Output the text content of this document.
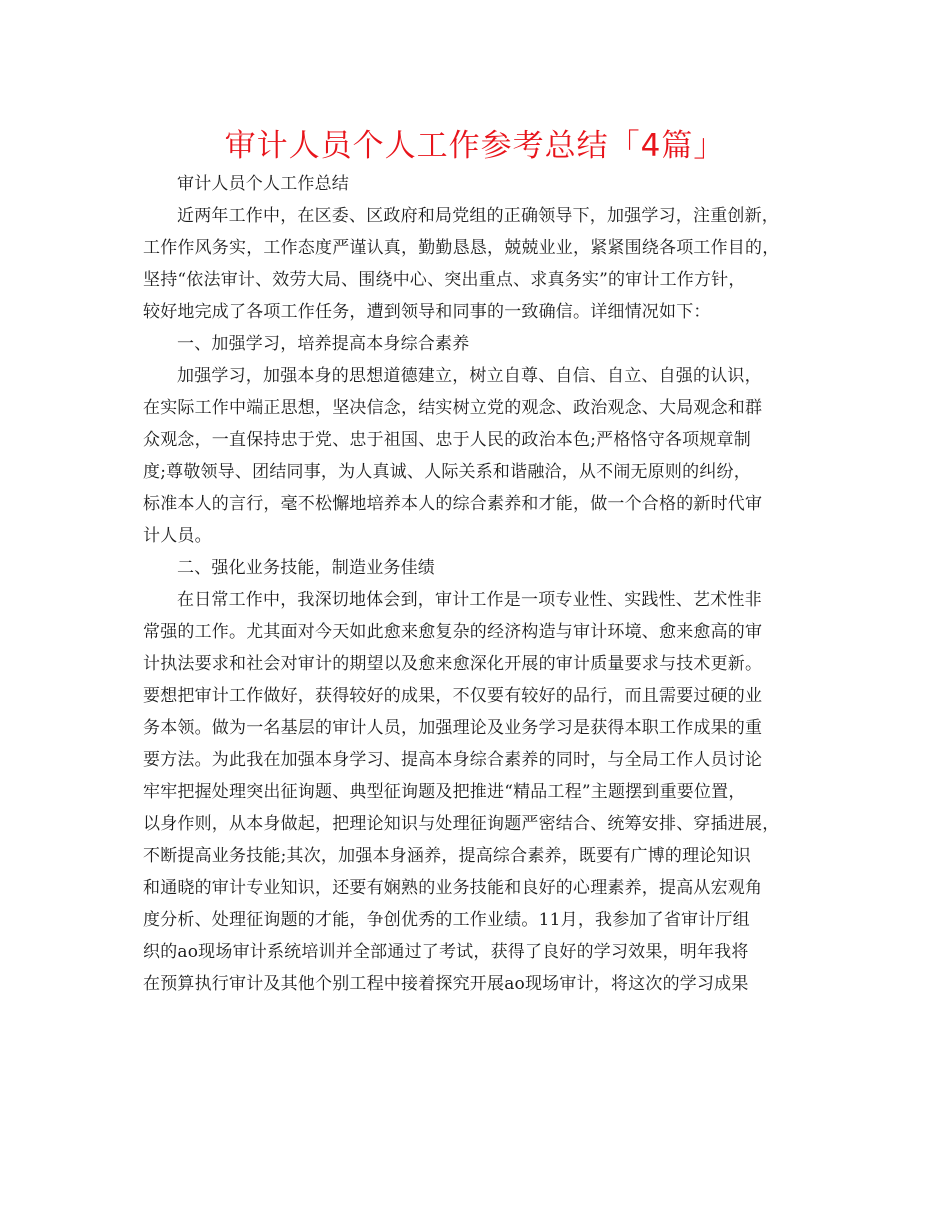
审计人员个人工作参考总结「4篇」
审计人员个人工作总结
近两年工作中，在区委、区政府和局党组的正确领导下，加强学习，注重创新，
工作作风务实，工作态度严谨认真，勤勤恳恳，兢兢业业，紧紧围绕各项工作目的，
坚持“依法审计、效劳大局、围绕中心、突出重点、求真务实”的审计工作方针，
较好地完成了各项工作任务，遭到领导和同事的一致确信。详细情况如下：
一、加强学习，培养提高本身综合素养
加强学习，加强本身的思想道德建立，树立自尊、自信、自立、自强的认识，
在实际工作中端正思想，坚决信念，结实树立党的观念、政治观念、大局观念和群
众观念，一直保持忠于党、忠于祖国、忠于人民的政治本色;严格恪守各项规章制
度;尊敬领导、团结同事，为人真诚、人际关系和谐融洽，从不闹无原则的纠纷，
标准本人的言行，毫不松懈地培养本人的综合素养和才能，做一个合格的新时代审
计人员。
二、强化业务技能，制造业务佳绩
在日常工作中，我深切地体会到，审计工作是一项专业性、实践性、艺术性非
常强的工作。尤其面对今天如此愈来愈复杂的经济构造与审计环境、愈来愈高的审
计执法要求和社会对审计的期望以及愈来愈深化开展的审计质量要求与技术更新。
要想把审计工作做好，获得较好的成果，不仅要有较好的品行，而且需要过硬的业
务本领。做为一名基层的审计人员，加强理论及业务学习是获得本职工作成果的重
要方法。为此我在加强本身学习、提高本身综合素养的同时，与全局工作人员讨论
牢牢把握处理突出征询题、典型征询题及把推进“精品工程”主题摆到重要位置，
以身作则，从本身做起，把理论知识与处理征询题严密结合、统筹安排、穿插进展，
不断提高业务技能;其次，加强本身涵养，提高综合素养，既要有广博的理论知识
和通晓的审计专业知识，还要有娴熟的业务技能和良好的心理素养，提高从宏观角
度分析、处理征询题的才能，争创优秀的工作业绩。11月，我参加了省审计厅组
织的ao现场审计系统培训并全部通过了考试，获得了良好的学习效果，明年我将
在预算执行审计及其他个别工程中接着探究开展ao现场审计，将这次的学习成果
